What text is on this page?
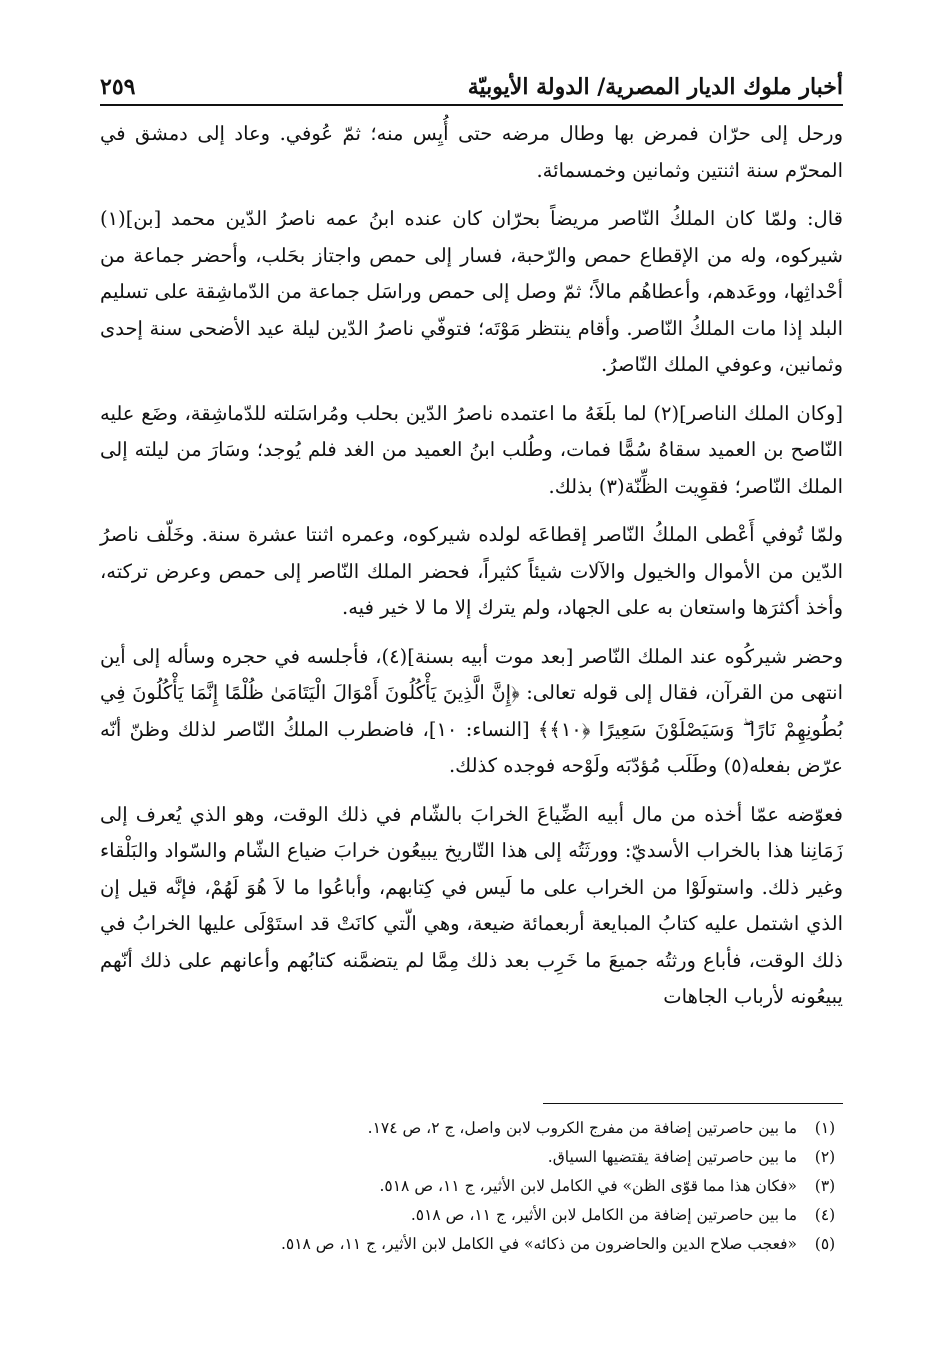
أخبار ملوك الديار المصرية/ الدولة الأيوبيّة
٢٥٩

ورحل إلى حرّان فمرض بها وطال مرضه حتى أُيِس منه؛ ثمّ عُوفي. وعاد إلى دمشق في المحرّم سنة اثنتين وثمانين وخمسمائة.

قال: ولمّا كان الملكُ النّاصر مريضاً بحرّان كان عنده ابنُ عمه ناصرُ الدّين محمد [بن](١) شيركوه، وله من الإقطاع حمص والرّحبة، فسار إلى حمص واجتاز بحَلب، وأحضر جماعة من أحْداثِها، ووعَدهم، وأعطاهُم مالاً؛ ثمّ وصل إلى حمص وراسَل جماعة من الدّماشِقة على تسليم البلد إذا مات الملكُ النّاصر. وأقام ينتظر مَوْتَه؛ فتوفّي ناصرُ الدّين ليلة عيد الأضحى سنة إحدى وثمانين، وعوفي الملك النّاصرُ.

[وكان الملك الناصر](٢) لما بلَغَهُ ما اعتمده ناصرُ الدّين بحلب ومُراسَلته للدّماشِقة، وضَع عليه النّاصح بن العميد سقاهُ سُمًّا فمات، وطُلب ابنُ العميد من الغد فلم يُوجد؛ وسَارَ من ليلته إلى الملك النّاصر؛ فقوِيت الظِّنّة(٣) بذلك.

ولمّا تُوفي أَعْطى الملكُ النّاصر إقطاعَه لولده شيركوه، وعمره اثنتا عشرة سنة. وخَلّف ناصرُ الدّين من الأموال والخيول والآلات شيئاً كثيراً، فحضر الملك النّاصر إلى حمص وعرض تركته، وأخذ أكثرَها واستعان به على الجهاد، ولم يترك إلا ما لا خير فيه.

وحضر شيركُوه عند الملك النّاصر [بعد موت أبيه بسنة](٤)، فأجلسه في حجره وسأله إلى أين انتهى من القرآن، فقال إلى قوله تعالى: ﴿إِنَّ الَّذِينَ يَأْكُلُونَ أَمْوَالَ الْيَتَامَىٰ ظُلْمًا إِنَّمَا يَأْكُلُونَ فِي بُطُونِهِمْ نَارًا ۖ وَسَيَصْلَوْنَ سَعِيرًا ﴿١٠﴾﴾ [النساء: ١٠]، فاضطرب الملكُ النّاصر لذلك وظنّ أنّه عرّض بفعله(٥) وطَلَب مُؤدّبَه ولَوْحه فوجده كذلك.

فعوّضه عمّا أخذه من مال أبيه الضِّياعَ الخرابَ بالشّام في ذلك الوقت، وهو الذي يُعرف إلى زَمَانِنا هذا بالخراب الأسديّ: وورثَتُه إلى هذا التّاريخ يبيعُون خرابَ ضياع الشّام والسّواد والبَلْقاء وغير ذلك. واستولَوْا من الخراب على ما لَيس في كِتابهم، وأباعُوا ما لاَ هُوَ لَهُمْ، فإنَّه قيل إن الذي اشتمل عليه كتابُ المبايعة أربعمائة ضيعة، وهي الّتي كانَتْ قد استَوْلَى عليها الخرابُ في ذلك الوقت، فأباع ورثتُه جميعَ ما خَرِب بعد ذلك مِمَّا لم يتضمَّنه كتابُهم وأعانهم على ذلك أنّهم يبيعُونه لأرباب الجاهات

(١)
ما بين حاصرتين إضافة من مفرج الكروب لابن واصل، ج ٢، ص ١٧٤.
(٢)
ما بين حاصرتين إضافة يقتضيها السياق.
(٣)
«فكان هذا مما قوّى الظن» في الكامل لابن الأثير، ج ١١، ص ٥١٨.
(٤)
ما بين حاصرتين إضافة من الكامل لابن الأثير، ج ١١، ص ٥١٨.
(٥)
«فعجب صلاح الدين والحاضرون من ذكائه» في الكامل لابن الأثير، ج ١١، ص ٥١٨.
